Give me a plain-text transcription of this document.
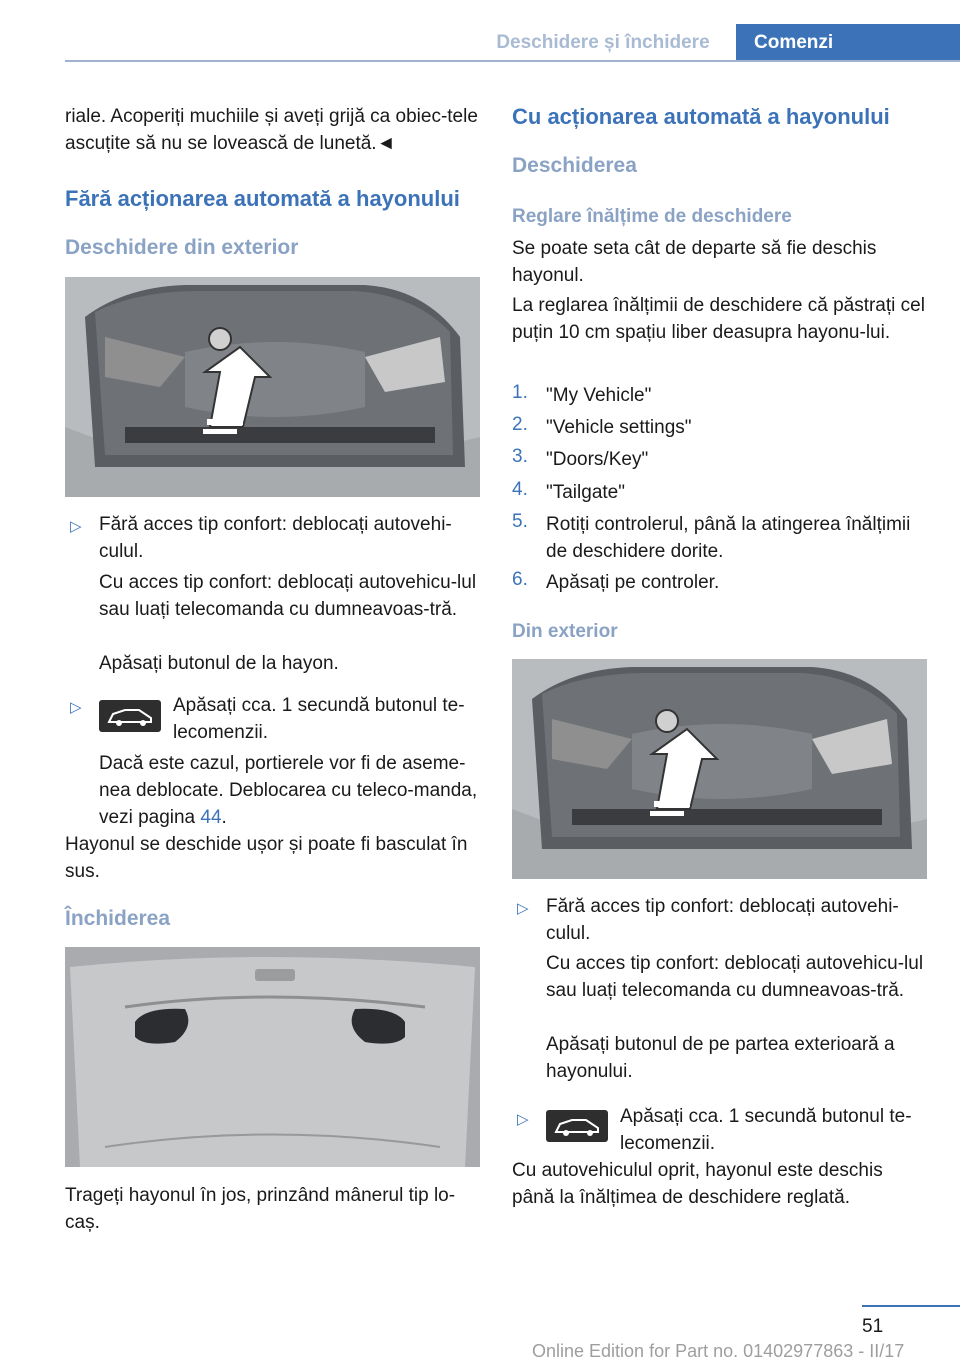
Deschidere și închidere	Comenzi
riale. Acoperiți muchiile și aveți grijă ca obiec-tele ascuțite să nu se lovească de lunetă.◄
Fără acționarea automată a hayonului
Deschidere din exterior
▷ Fără acces tip confort: deblocați autovehi-culul.
Cu acces tip confort: deblocați autovehicu-lul sau luați telecomanda cu dumneavoas-tră.
Apăsați butonul de la hayon.
▷	Apăsați cca. 1 secundă butonul te-lecomenzii.
Dacă este cazul, portierele vor fi de aseme-nea deblocate. Deblocarea cu teleco-manda, vezi pagina 44.
Hayonul se deschide ușor și poate fi basculat în sus.
Închiderea
Trageți hayonul în jos, prinzând mânerul tip lo-caș.
Cu acționarea automată a hayonului
Deschiderea
Reglare înălțime de deschidere
Se poate seta cât de departe să fie deschis hayonul.
La reglarea înălțimii de deschidere că păstrați cel puțin 10 cm spațiu liber deasupra hayonu-lui.
1. "My Vehicle"
2. "Vehicle settings"
3. "Doors/Key"
4. "Tailgate"
5. Rotiți controlerul, până la atingerea înălțimii de deschidere dorite.
6. Apăsați pe controler.
Din exterior
▷ Fără acces tip confort: deblocați autovehi-culul.
Cu acces tip confort: deblocați autovehicu-lul sau luați telecomanda cu dumneavoas-tră.
Apăsați butonul de pe partea exterioară a hayonului.
▷	Apăsați cca. 1 secundă butonul te-lecomenzii.
Cu autovehiculul oprit, hayonul este deschis până la înălțimea de deschidere reglată.
51
Online Edition for Part no. 01402977863 - II/17
